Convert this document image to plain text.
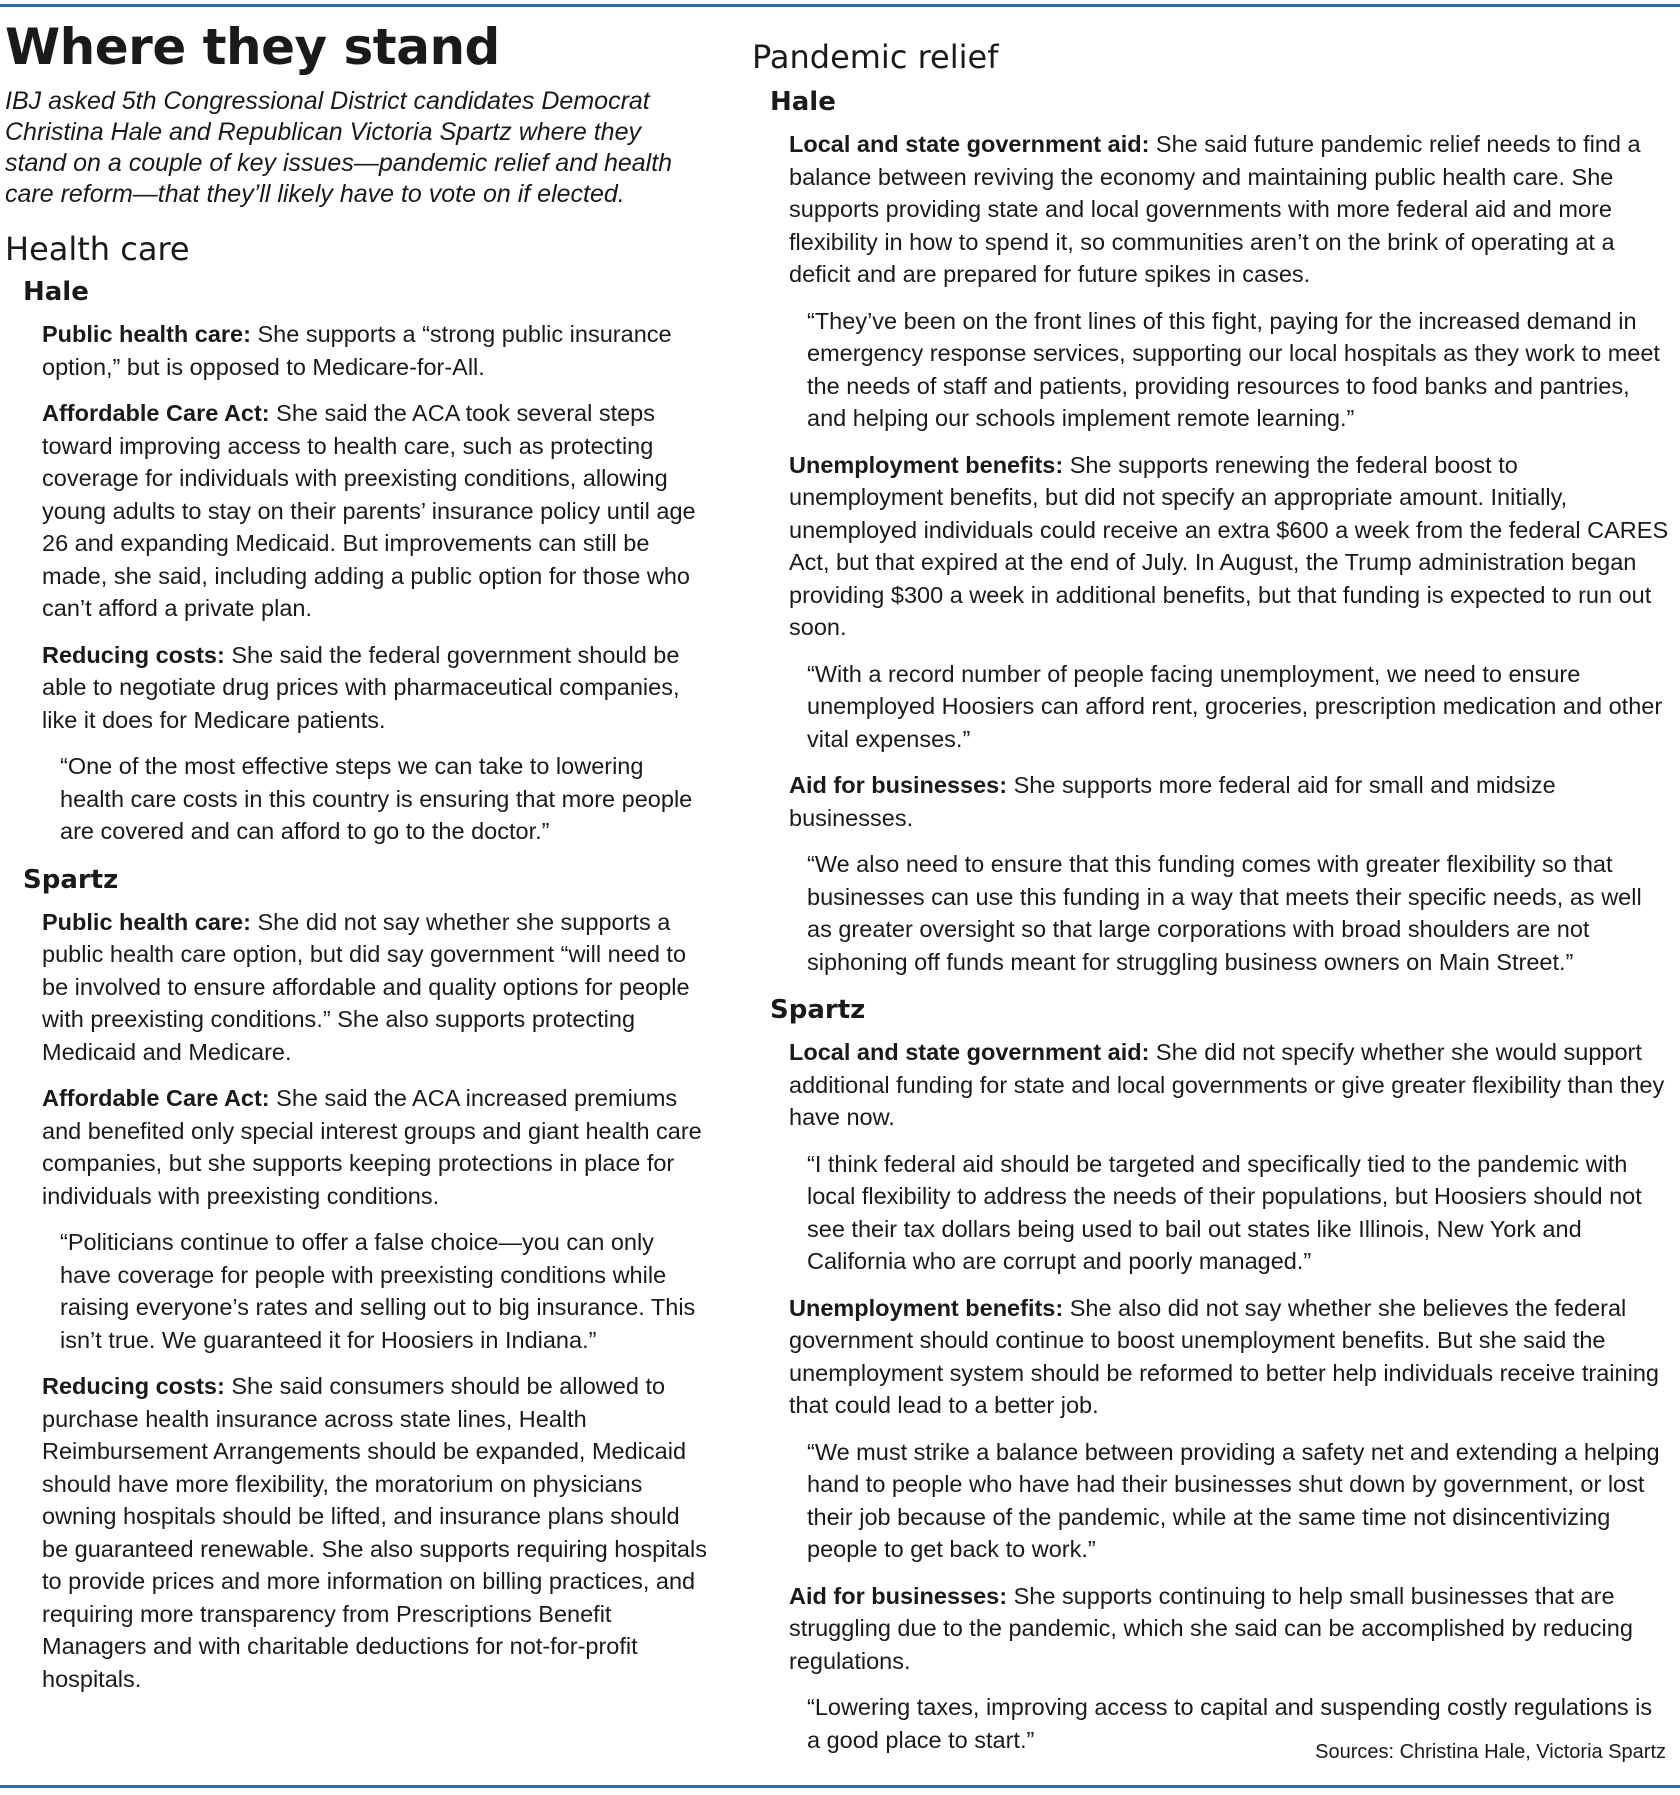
Where they stand

IBJ asked 5th Congressional District candidates Democrat Christina Hale and Republican Victoria Spartz where they stand on a couple of key issues—pandemic relief and health care reform—that they’ll likely have to vote on if elected.

Health care
Hale

Public health care: She supports a “strong public insurance option,” but is opposed to Medicare-for-All.

Affordable Care Act: She said the ACA took several steps toward improving access to health care, such as protecting coverage for individuals with preexisting conditions, allowing young adults to stay on their parents’ insurance policy until age 26 and expanding Medicaid. But improvements can still be made, she said, including adding a public option for those who can’t afford a private plan.

Reducing costs: She said the federal government should be able to negotiate drug prices with pharmaceutical companies, like it does for Medicare patients.

“One of the most effective steps we can take to lowering health care costs in this country is ensuring that more people are covered and can afford to go to the doctor.”

Spartz

Public health care: She did not say whether she supports a public health care option, but did say government “will need to be involved to ensure affordable and quality options for people with preexisting conditions.” She also supports protecting Medicaid and Medicare.

Affordable Care Act: She said the ACA increased premiums and benefited only special interest groups and giant health care companies, but she supports keeping protections in place for individuals with preexisting conditions.

“Politicians continue to offer a false choice—you can only have coverage for people with preexisting conditions while raising everyone’s rates and selling out to big insurance. This isn’t true. We guaranteed it for Hoosiers in Indiana.”

Reducing costs: She said consumers should be allowed to purchase health insurance across state lines, Health Reimbursement Arrangements should be expanded, Medicaid should have more flexibility, the moratorium on physicians owning hospitals should be lifted, and insurance plans should be guaranteed renewable. She also supports requiring hospitals to provide prices and more information on billing practices, and requiring more transparency from Prescriptions Benefit Managers and with charitable deductions for not-for-profit hospitals.

Pandemic relief
Hale

Local and state government aid: She said future pandemic relief needs to find a balance between reviving the economy and maintaining public health care. She supports providing state and local governments with more federal aid and more flexibility in how to spend it, so communities aren’t on the brink of operating at a deficit and are prepared for future spikes in cases.

“They’ve been on the front lines of this fight, paying for the increased demand in emergency response services, supporting our local hospitals as they work to meet the needs of staff and patients, providing resources to food banks and pantries, and helping our schools implement remote learning.”

Unemployment benefits: She supports renewing the federal boost to unemployment benefits, but did not specify an appropriate amount. Initially, unemployed individuals could receive an extra $600 a week from the federal CARES Act, but that expired at the end of July. In August, the Trump administration began providing $300 a week in additional benefits, but that funding is expected to run out soon.

“With a record number of people facing unemployment, we need to ensure unemployed Hoosiers can afford rent, groceries, prescription medication and other vital expenses.”

Aid for businesses: She supports more federal aid for small and midsize businesses.

“We also need to ensure that this funding comes with greater flexibility so that businesses can use this funding in a way that meets their specific needs, as well as greater oversight so that large corporations with broad shoulders are not siphoning off funds meant for struggling business owners on Main Street.”

Spartz

Local and state government aid: She did not specify whether she would support additional funding for state and local governments or give greater flexibility than they have now.

“I think federal aid should be targeted and specifically tied to the pandemic with local flexibility to address the needs of their populations, but Hoosiers should not see their tax dollars being used to bail out states like Illinois, New York and California who are corrupt and poorly managed.”

Unemployment benefits: She also did not say whether she believes the federal government should continue to boost unemployment benefits. But she said the unemployment system should be reformed to better help individuals receive training that could lead to a better job.

“We must strike a balance between providing a safety net and extending a helping hand to people who have had their businesses shut down by government, or lost their job because of the pandemic, while at the same time not disincentivizing people to get back to work.”

Aid for businesses: She supports continuing to help small businesses that are struggling due to the pandemic, which she said can be accomplished by reducing regulations.

“Lowering taxes, improving access to capital and suspending costly regulations is a good place to start.”	Sources: Christina Hale, Victoria Spartz
